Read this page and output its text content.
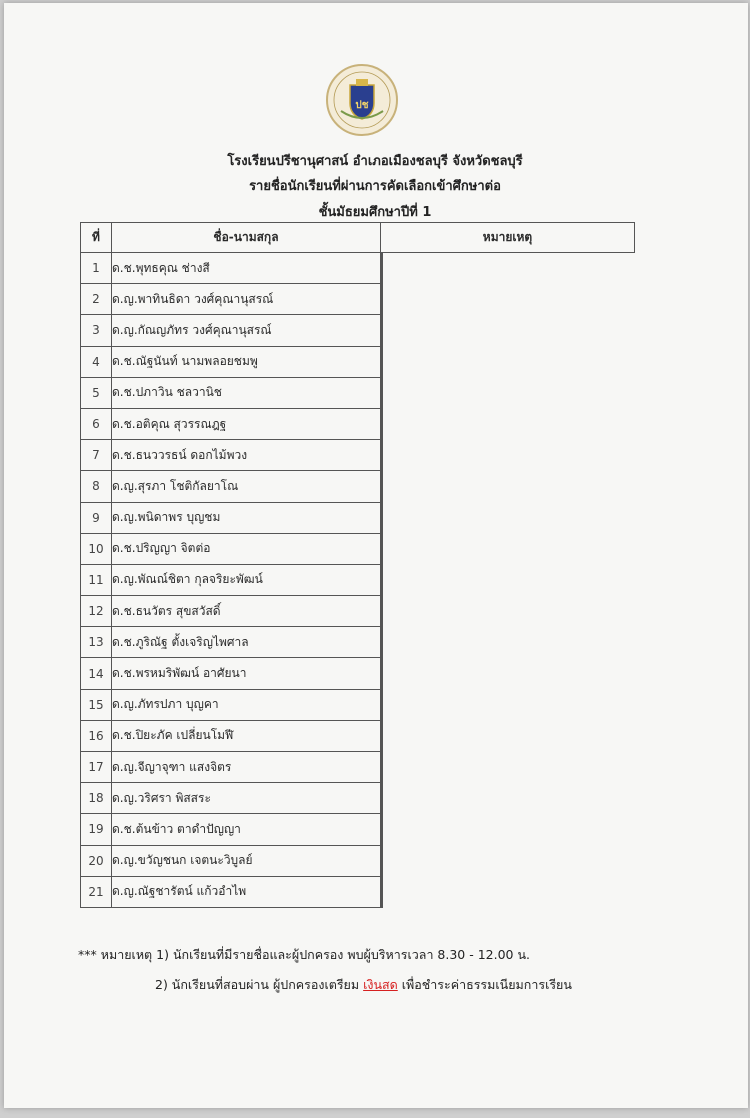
ปช
โรงเรียนปรีชานุศาสน์ อำเภอเมืองชลบุรี จังหวัดชลบุรี
รายชื่อนักเรียนที่ผ่านการคัดเลือกเข้าศึกษาต่อ
ชั้นมัธยมศึกษาปีที่ 1
ที่	ชื่อ-นามสกุล	หมายเหตุ
1	ด.ช.พุทธคุณ ช่างสี	

2	ด.ญ.พาทินธิดา วงศ์คุณานุสรณ์	

3	ด.ญ.กัณญภัทร วงศ์คุณานุสรณ์	

4	ด.ช.ณัฐนันท์ นามพลอยชมพู	

5	ด.ช.ปภาวิน ชลวานิช	

6	ด.ช.อติคุณ สุวรรณฎฐ	

7	ด.ช.ธนววรธน์ ดอกไม้พวง	

8	ด.ญ.สุรภา โชติกัลยาโณ	

9	ด.ญ.พนิดาพร บุญชม	

10	ด.ช.ปริญญา จิตต่อ	

11	ด.ญ.พัณณ์ชิตา กุลจริยะพัฒน์	

12	ด.ช.ธนวัตร สุขสวัสดิ์	

13	ด.ช.ภูริณัฐ ตั้งเจริญไพศาล	

14	ด.ช.พรหมริพัฒน์ อาศัยนา	

15	ด.ญ.ภัทรปภา บุญคา	

16	ด.ช.ปิยะภัค เปลี่ยนโมฬี	

17	ด.ญ.จีญาจุฑา แสงจิตร	

18	ด.ญ.วริศรา พิสสระ	

19	ด.ช.ต้นข้าว ตาดำปัญญา	

20	ด.ญ.ขวัญชนก เจตนะวิบูลย์	

21	ด.ญ.ณัฐชารัตน์ แก้วอำไพ	
*** หมายเหตุ 1) นักเรียนที่มีรายชื่อและผู้ปกครอง พบผู้บริหารเวลา 8.30 - 12.00 น.
2) นักเรียนที่สอบผ่าน ผู้ปกครองเตรียม เงินสด เพื่อชำระค่าธรรมเนียมการเรียน
